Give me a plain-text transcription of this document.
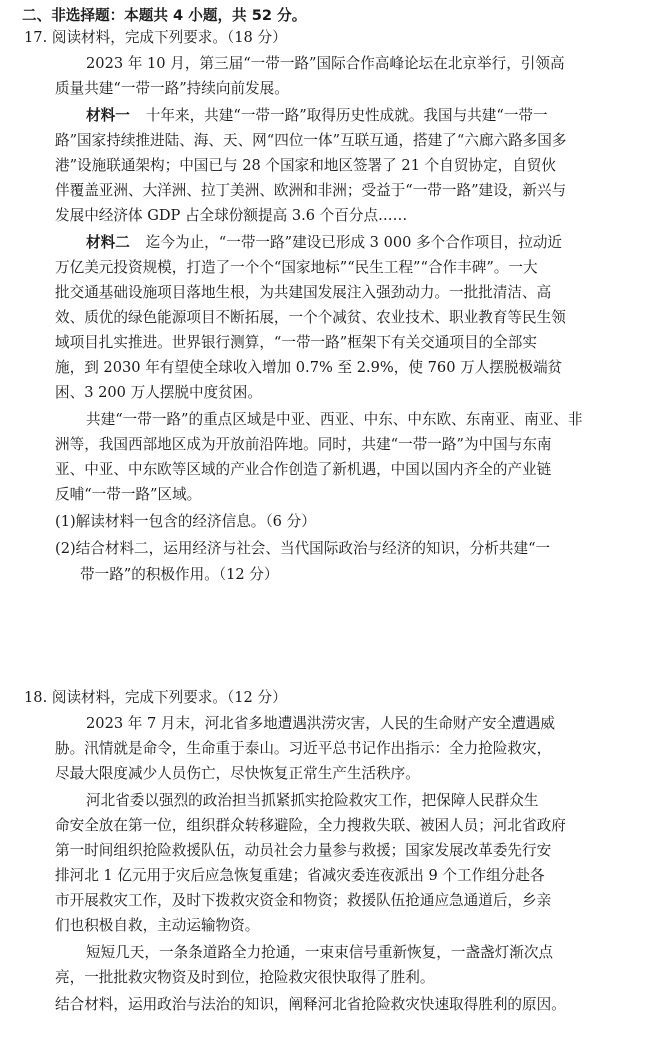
二、非选择题：本题共 4 小题，共 52 分。
17. 阅读材料，完成下列要求。（18 分）
2023 年 10 月，第三届“一带一路”国际合作高峰论坛在北京举行，引领高
质量共建“一带一路”持续向前发展。
材料一 十年来，共建“一带一路”取得历史性成就。我国与共建“一带一
路”国家持续推进陆、海、天、网“四位一体”互联互通，搭建了“六廊六路多国多
港”设施联通架构；中国已与 28 个国家和地区签署了 21 个自贸协定，自贸伙
伴覆盖亚洲、大洋洲、拉丁美洲、欧洲和非洲；受益于“一带一路”建设，新兴与
发展中经济体 GDP 占全球份额提高 3.6 个百分点……
材料二 迄今为止，“一带一路”建设已形成 3 000 多个合作项目，拉动近
万亿美元投资规模，打造了一个个“国家地标”“民生工程”“合作丰碑”。一大
批交通基础设施项目落地生根，为共建国发展注入强劲动力。一批批清洁、高
效、质优的绿色能源项目不断拓展，一个个减贫、农业技术、职业教育等民生领
域项目扎实推进。世界银行测算，“一带一路”框架下有关交通项目的全部实
施，到 2030 年有望使全球收入增加 0.7% 至 2.9%，使 760 万人摆脱极端贫
困、3 200 万人摆脱中度贫困。
共建“一带一路”的重点区域是中亚、西亚、中东、中东欧、东南亚、南亚、非
洲等，我国西部地区成为开放前沿阵地。同时，共建“一带一路”为中国与东南
亚、中亚、中东欧等区域的产业合作创造了新机遇，中国以国内齐全的产业链
反哺“一带一路”区域。
(1)解读材料一包含的经济信息。（6 分）
(2)结合材料二，运用经济与社会、当代国际政治与经济的知识，分析共建“一
带一路”的积极作用。（12 分）
18. 阅读材料，完成下列要求。（12 分）
2023 年 7 月末，河北省多地遭遇洪涝灾害，人民的生命财产安全遭遇威
胁。汛情就是命令，生命重于泰山。习近平总书记作出指示：全力抢险救灾，
尽最大限度减少人员伤亡，尽快恢复正常生产生活秩序。
河北省委以强烈的政治担当抓紧抓实抢险救灾工作，把保障人民群众生
命安全放在第一位，组织群众转移避险，全力搜救失联、被困人员；河北省政府
第一时间组织抢险救援队伍，动员社会力量参与救援；国家发展改革委先行安
排河北 1 亿元用于灾后应急恢复重建；省减灾委连夜派出 9 个工作组分赴各
市开展救灾工作，及时下拨救灾资金和物资；救援队伍抢通应急通道后，乡亲
们也积极自救，主动运输物资。
短短几天，一条条道路全力抢通，一束束信号重新恢复，一盏盏灯渐次点
亮，一批批救灾物资及时到位，抢险救灾很快取得了胜利。
结合材料，运用政治与法治的知识，阐释河北省抢险救灾快速取得胜利的原因。
